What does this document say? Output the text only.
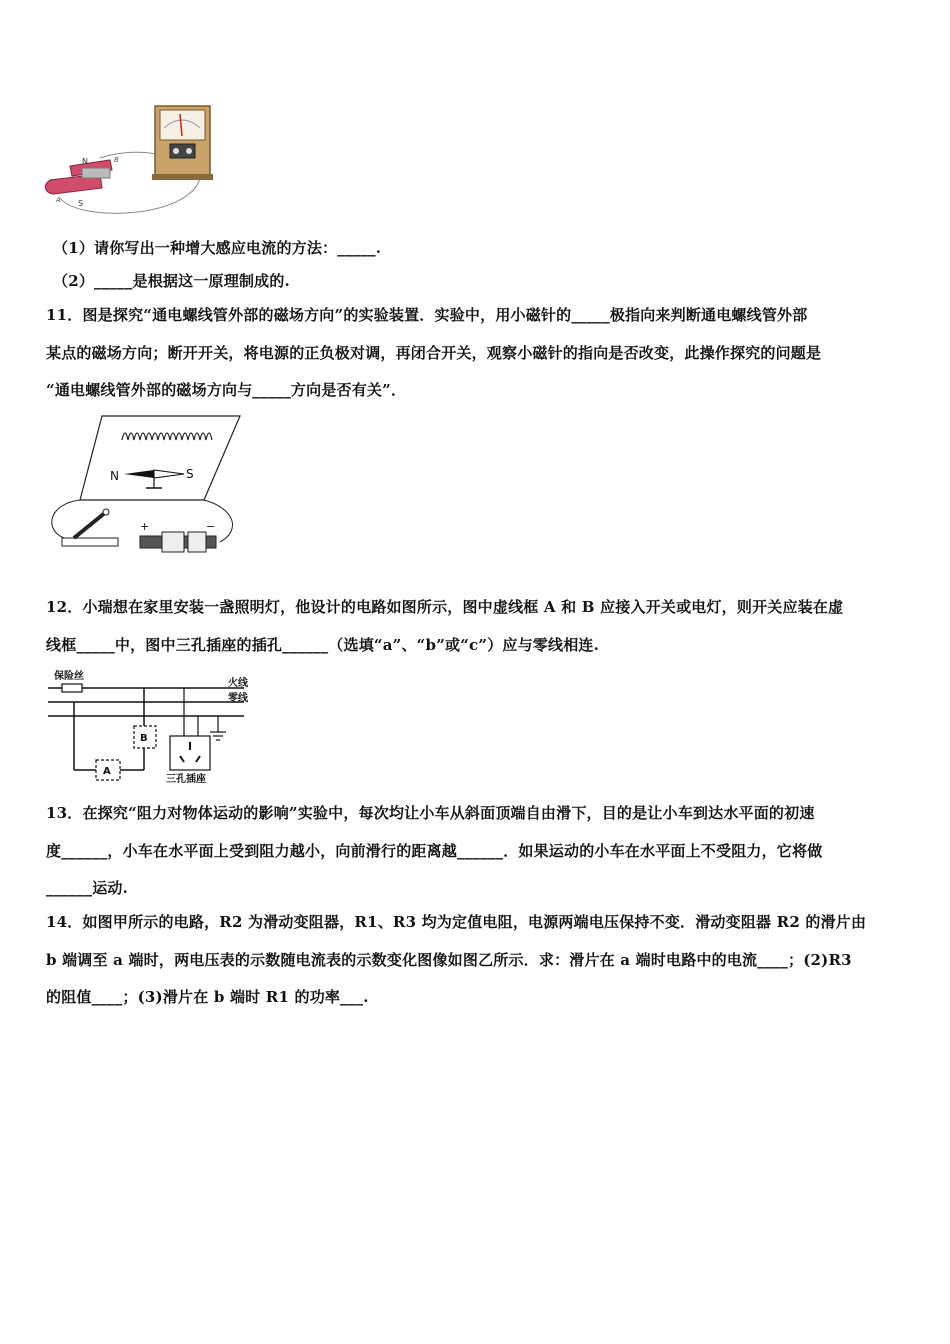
N
S
A
B
（1）请你写出一种增大感应电流的方法：_____.
（2）_____是根据这一原理制成的.
11．图是探究“通电螺线管外部的磁场方向”的实验装置．实验中，用小磁针的_____极指向来判断通电螺线管外部
某点的磁场方向；断开开关，将电源的正负极对调，再闭合开关，观察小磁针的指向是否改变，此操作探究的问题是
“通电螺线管外部的磁场方向与_____方向是否有关”．
N	S
+	−
12．小瑞想在家里安装一盏照明灯，他设计的电路如图所示，图中虚线框 A 和 B 应接入开关或电灯，则开关应装在虚
线框_____中，图中三孔插座的插孔______（选填“a”、“b”或“c”）应与零线相连.
保险丝
火线
零线
A
B
三孔插座
13．在探究“阻力对物体运动的影响”实验中，每次均让小车从斜面顶端自由滑下，目的是让小车到达水平面的初速
度______，小车在水平面上受到阻力越小，向前滑行的距离越______．如果运动的小车在水平面上不受阻力，它将做
______运动.
14．如图甲所示的电路，R2 为滑动变阻器，R1、R3 均为定值电阻，电源两端电压保持不变．滑动变阻器 R2 的滑片由
b 端调至 a 端时，两电压表的示数随电流表的示数变化图像如图乙所示．求：滑片在 a 端时电路中的电流____；(2)R3
的阻值____；(3)滑片在 b 端时 R1 的功率___.
